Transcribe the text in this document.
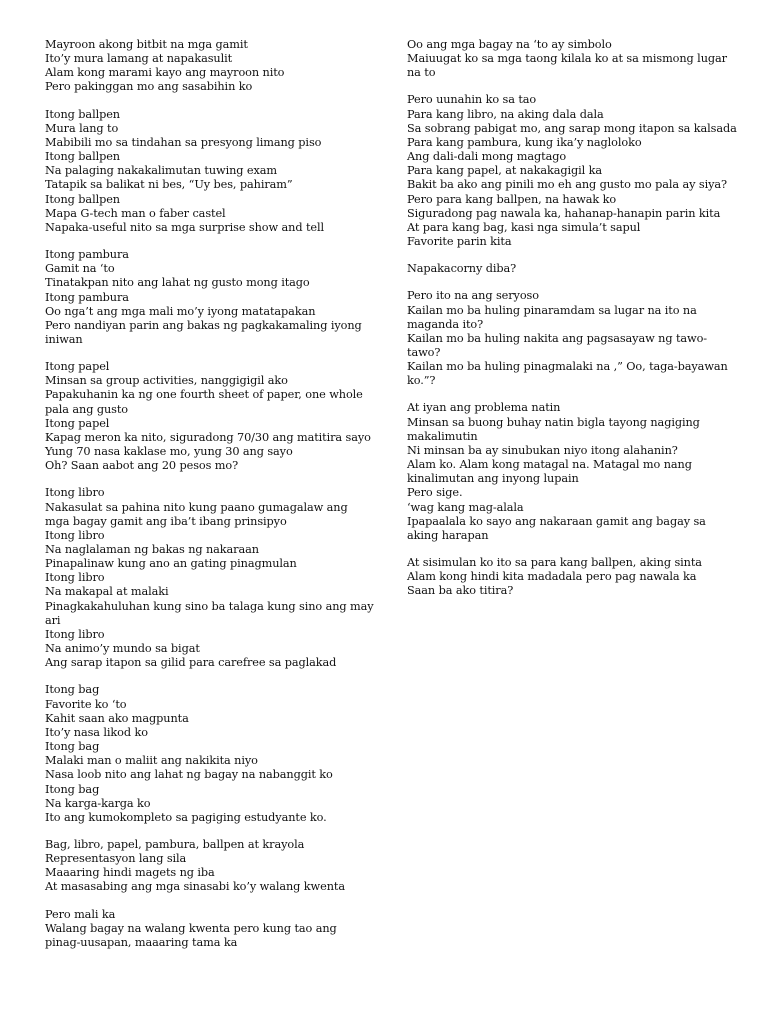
Mayroon akong bitbit na mga gamit
Ito’y mura lamang at napakasulit
Alam kong marami kayo ang mayroon nito
Pero pakinggan mo ang sasabihin ko
Itong ballpen
Mura lang to
Mabibili mo sa tindahan sa presyong limang piso
Itong ballpen
Na palaging nakakalimutan tuwing exam
Tatapik sa balikat ni bes, “Uy bes, pahiram”
Itong ballpen
Mapa G-tech man o faber castel
Napaka-useful nito sa mga surprise show and tell
Itong pambura
Gamit na ‘to
Tinatakpan nito ang lahat ng gusto mong itago
Itong pambura
Oo nga’t ang mga mali mo’y iyong matatapakan
Pero nandiyan parin ang bakas ng pagkakamaling iyong iniwan
Itong papel
Minsan sa group activities, nanggigigil ako
Papakuhanin ka ng one fourth sheet of paper, one whole pala ang gusto
Itong papel
Kapag meron ka nito, siguradong 70/30 ang matitira sayo
Yung 70 nasa kaklase mo, yung 30 ang sayo
Oh? Saan aabot ang 20 pesos mo?
Itong libro
Nakasulat sa pahina nito kung paano gumagalaw ang mga bagay gamit ang iba’t ibang prinsipyo
Itong libro
Na naglalaman ng bakas ng nakaraan
Pinapalinaw kung ano an gating pinagmulan
Itong libro
Na makapal at malaki
Pinagkakahuluhan kung sino ba talaga kung sino ang may ari
Itong libro
Na animo’y mundo sa bigat
Ang sarap itapon sa gilid para carefree sa paglakad
Itong bag
Favorite ko ‘to
Kahit saan ako magpunta
Ito’y nasa likod ko
Itong bag
Malaki man o maliit ang nakikita niyo
Nasa loob nito ang lahat ng bagay na nabanggit ko
Itong bag
Na karga-karga ko
Ito ang kumokompleto sa pagiging estudyante ko.
Bag, libro, papel, pambura, ballpen at krayola
Representasyon lang sila
Maaaring hindi magets ng iba
At masasabing ang mga sinasabi ko’y walang kwenta
Pero mali ka
Walang bagay na walang kwenta pero kung tao ang pinag-uusapan, maaaring tama ka
Oo ang mga bagay na ‘to ay simbolo
Maiuugat ko sa mga taong kilala ko at sa mismong lugar na to
Pero uunahin ko sa tao
Para kang libro, na aking dala dala
Sa sobrang pabigat mo, ang sarap mong itapon sa kalsada
Para kang pambura, kung ika’y nagloloko
Ang dali-dali mong magtago
Para kang papel, at nakakagigil ka
Bakit ba ako ang pinili mo eh ang gusto mo pala ay siya?
Pero para kang ballpen, na hawak ko
Siguradong pag nawala ka, hahanap-hanapin parin kita
At para kang bag, kasi nga simula’t sapul
Favorite parin kita
Napakacorny diba?
Pero ito na ang seryoso
Kailan mo ba huling pinaramdam sa lugar na ito na maganda ito?
Kailan mo ba huling nakita ang pagsasayaw ng tawo-tawo?
Kailan mo ba huling pinagmalaki na ,” Oo, taga-bayawan ko.”?
At iyan ang problema natin
Minsan sa buong buhay natin bigla tayong nagiging makalimutin
Ni minsan ba ay sinubukan niyo itong alahanin?
Alam ko. Alam kong matagal na. Matagal mo nang kinalimutan ang inyong lupain
Pero sige.
‘wag kang mag-alala
Ipapaalala ko sayo ang nakaraan gamit ang bagay sa aking harapan
At sisimulan ko ito sa para kang ballpen, aking sinta
Alam kong hindi kita madadala pero pag nawala ka
Saan ba ako titira?
